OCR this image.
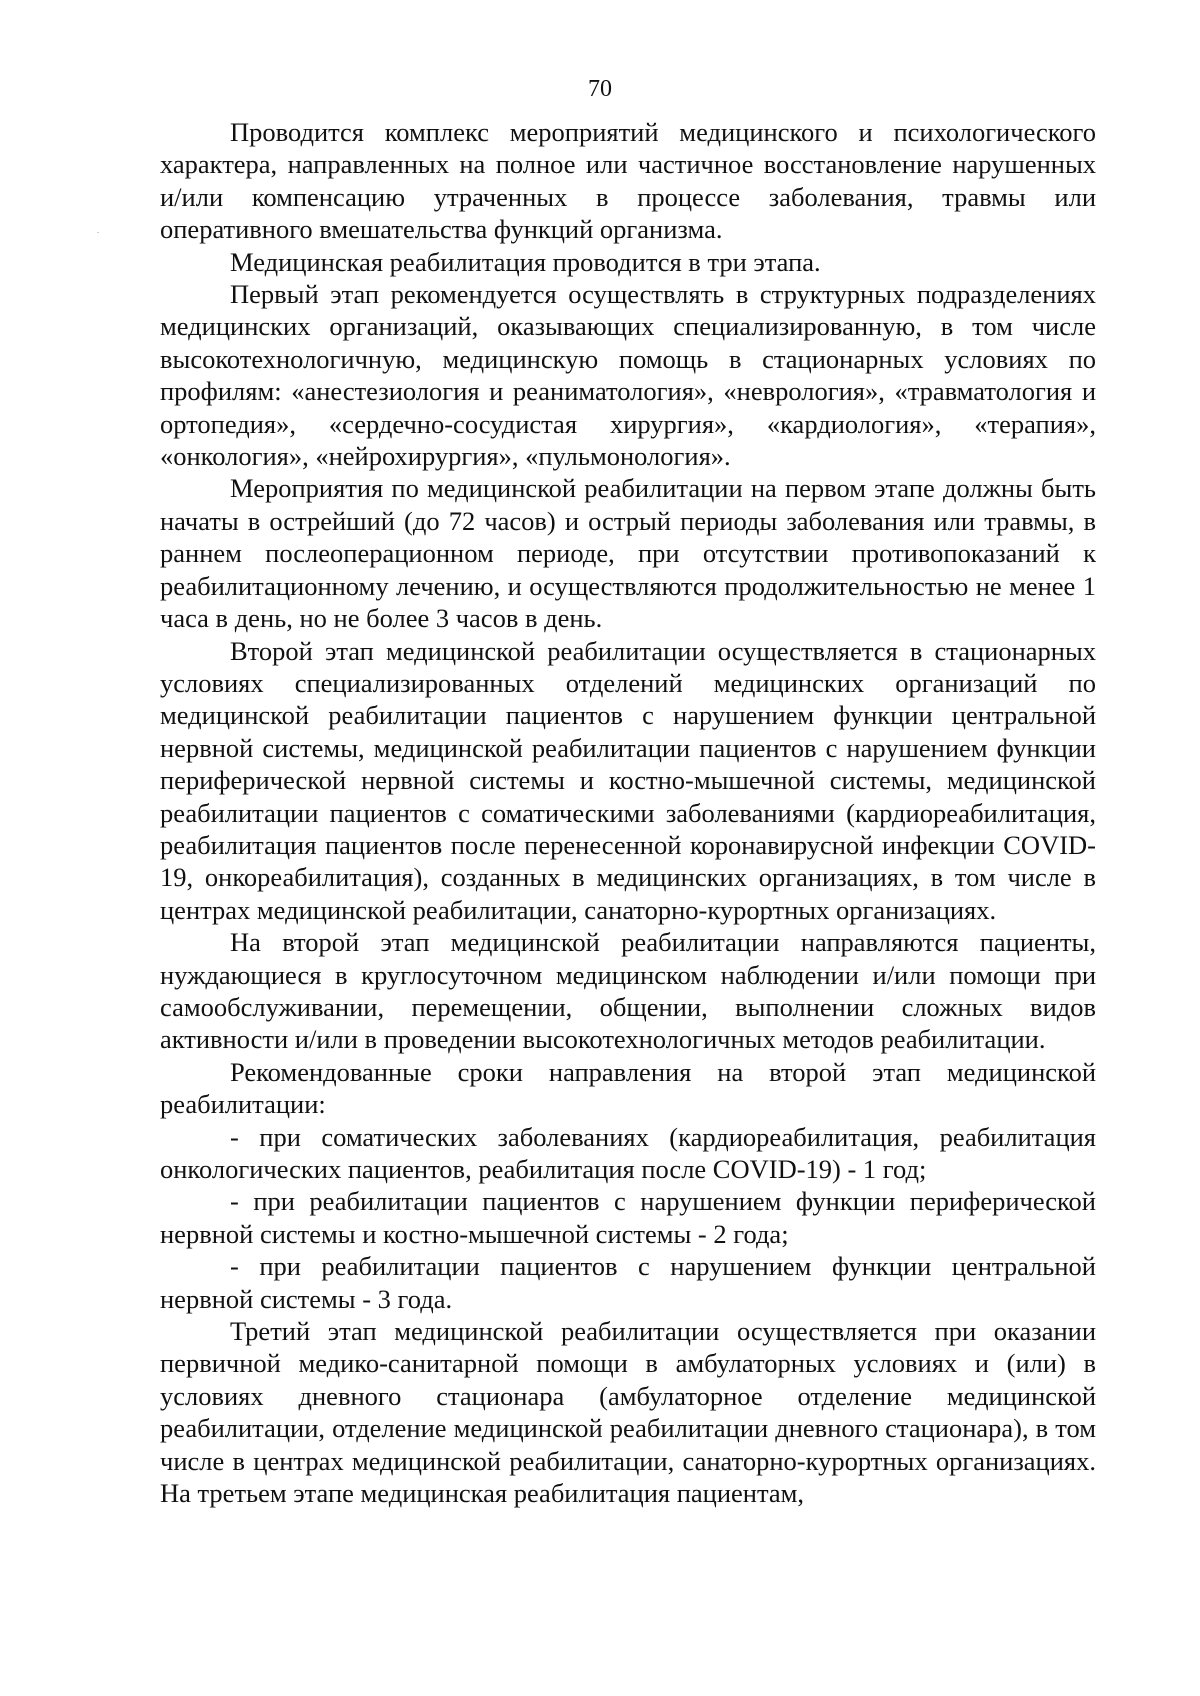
70

Проводится комплекс мероприятий медицинского и психологического характера, направленных на полное или частичное восстановление нарушенных и/или компенсацию утраченных в процессе заболевания, травмы или оперативного вмешательства функций организма.

Медицинская реабилитация проводится в три этапа.

Первый этап рекомендуется осуществлять в структурных подразделениях медицинских организаций, оказывающих специализированную, в том числе высокотехнологичную, медицинскую помощь в стационарных условиях по профилям: «анестезиология и реаниматология», «неврология», «травматология и ортопедия», «сердечно-сосудистая хирургия», «кардиология», «терапия», «онкология», «нейрохирургия», «пульмонология».

Мероприятия по медицинской реабилитации на первом этапе должны быть начаты в острейший (до 72 часов) и острый периоды заболевания или травмы, в раннем послеоперационном периоде, при отсутствии противопоказаний к реабилитационному лечению, и осуществляются продолжительностью не менее 1 часа в день, но не более 3 часов в день.

Второй этап медицинской реабилитации осуществляется в стационарных условиях специализированных отделений медицинских организаций по медицинской реабилитации пациентов с нарушением функции центральной нервной системы, медицинской реабилитации пациентов с нарушением функции периферической нервной системы и костно-мышечной системы, медицинской реабилитации пациентов с соматическими заболеваниями (кардиореабилитация, реабилитация пациентов после перенесенной коронавирусной инфекции COVID-19, онкореабилитация), созданных в медицинских организациях, в том числе в центрах медицинской реабилитации, санаторно-курортных организациях.

На второй этап медицинской реабилитации направляются пациенты, нуждающиеся в круглосуточном медицинском наблюдении и/или помощи при самообслуживании, перемещении, общении, выполнении сложных видов активности и/или в проведении высокотехнологичных методов реабилитации.

Рекомендованные сроки направления на второй этап медицинской реабилитации:

- при соматических заболеваниях (кардиореабилитация, реабилитация онкологических пациентов, реабилитация после COVID-19) - 1 год;

- при реабилитации пациентов с нарушением функции периферической нервной системы и костно-мышечной системы - 2 года;

- при реабилитации пациентов с нарушением функции центральной нервной системы - 3 года.

Третий этап медицинской реабилитации осуществляется при оказании первичной медико-санитарной помощи в амбулаторных условиях и (или) в условиях дневного стационара (амбулаторное отделение медицинской реабилитации, отделение медицинской реабилитации дневного стационара), в том числе в центрах медицинской реабилитации, санаторно-курортных организациях. На третьем этапе медицинская реабилитация пациентам,
